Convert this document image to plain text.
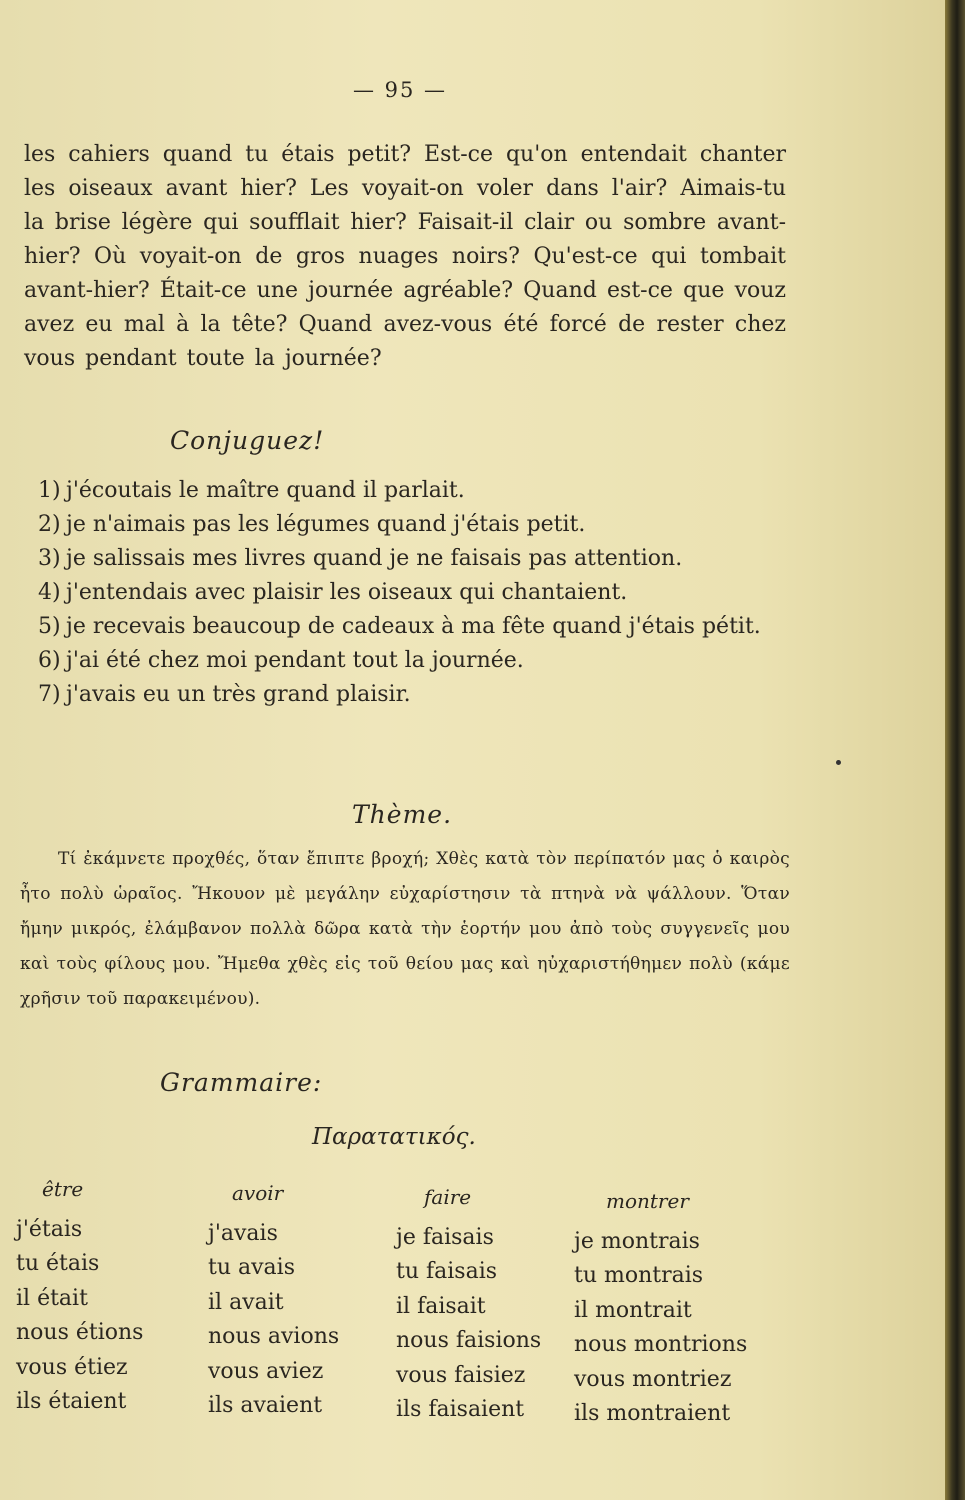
— 95 —
les cahiers quand tu étais petit? Est-ce qu'on entendait chanter les oiseaux avant hier? Les voyait-on voler dans l'air? Aimais-tu la brise légère qui soufflait hier? Faisait-il clair ou sombre avant-hier? Où voyait-on de gros nuages noirs? Qu'est-ce qui tombait avant-hier? Était-ce une journée agréable? Quand est-ce que vouz avez eu mal à la tête? Quand avez-vous été forcé de rester chez vous pendant toute la journée?
Conjuguez!
1) j'écoutais le maître quand il parlait.
2) je n'aimais pas les légumes quand j'étais petit.
3) je salissais mes livres quand je ne faisais pas attention.
4) j'entendais avec plaisir les oiseaux qui chantaient.
5) je recevais beaucoup de cadeaux à ma fête quand j'étais pétit.
6) j'ai été chez moi pendant tout la journée.
7) j'avais eu un très grand plaisir.
Thème.
Τί ἐκάμνετε προχθές, ὅταν ἔπιπτε βροχή; Χθὲς κατὰ τὸν περίπατόν μας ὁ καιρὸς ἦτο πολὺ ὡραῖος. Ἤκουον μὲ μεγάλην εὐχαρίστησιν τὰ πτηνὰ νὰ ψάλλουν. Ὅταν ἤμην μικρός, ἐλάμβανον πολλὰ δῶρα κατὰ τὴν ἑορτήν μου ἀπὸ τοὺς συγγενεῖς μου καὶ τοὺς φίλους μου. Ἤμεθα χθὲς εἰς τοῦ θείου μας καὶ ηὐχαριστήθημεν πολὺ (κάμε χρῆσιν τοῦ παρακειμένου).
Grammaire:
Παρατατικός.
être
j'étais
tu étais
il était
nous étions
vous étiez
ils étaient
avoir
j'avais
tu avais
il avait
nous avions
vous aviez
ils avaient
faire
je faisais
tu faisais
il faisait
nous faisions
vous faisiez
ils faisaient
montrer
je montrais
tu montrais
il montrait
nous montrions
vous montriez
ils montraient
